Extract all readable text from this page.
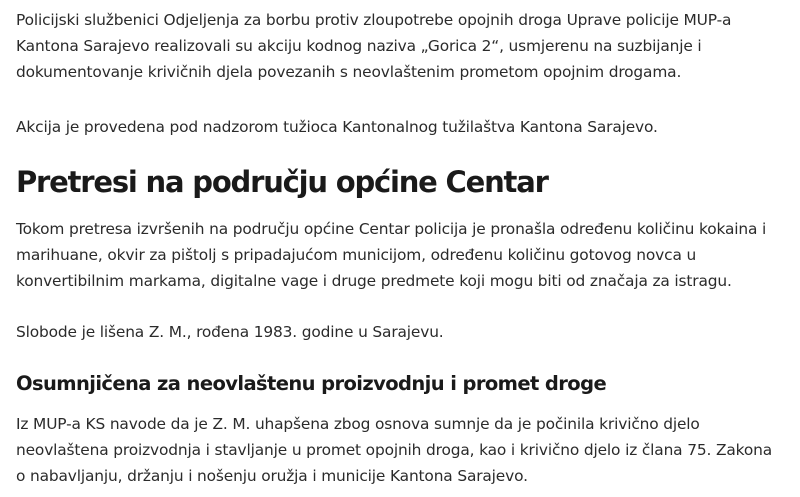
Policijski službenici Odjeljenja za borbu protiv zloupotrebe opojnih droga Uprave policije MUP-a Kantona Sarajevo realizovali su akciju kodnog naziva „Gorica 2“, usmjerenu na suzbijanje i dokumentovanje krivičnih djela povezanih s neovlaštenim prometom opojnim drogama.

Akcija je provedena pod nadzorom tužioca Kantonalnog tužilaštva Kantona Sarajevo.

Pretresi na području općine Centar

Tokom pretresa izvršenih na području općine Centar policija je pronašla određenu količinu kokaina i marihuane, okvir za pištolj s pripadajućom municijom, određenu količinu gotovog novca u konvertibilnim markama, digitalne vage i druge predmete koji mogu biti od značaja za istragu.

Slobode je lišena Z. M., rođena 1983. godine u Sarajevu.

Osumnjičena za neovlaštenu proizvodnju i promet droge

Iz MUP-a KS navode da je Z. M. uhapšena zbog osnova sumnje da je počinila krivično djelo neovlaštena proizvodnja i stavljanje u promet opojnih droga, kao i krivično djelo iz člana 75. Zakona o nabavljanju, držanju i nošenju oružja i municije Kantona Sarajevo.
